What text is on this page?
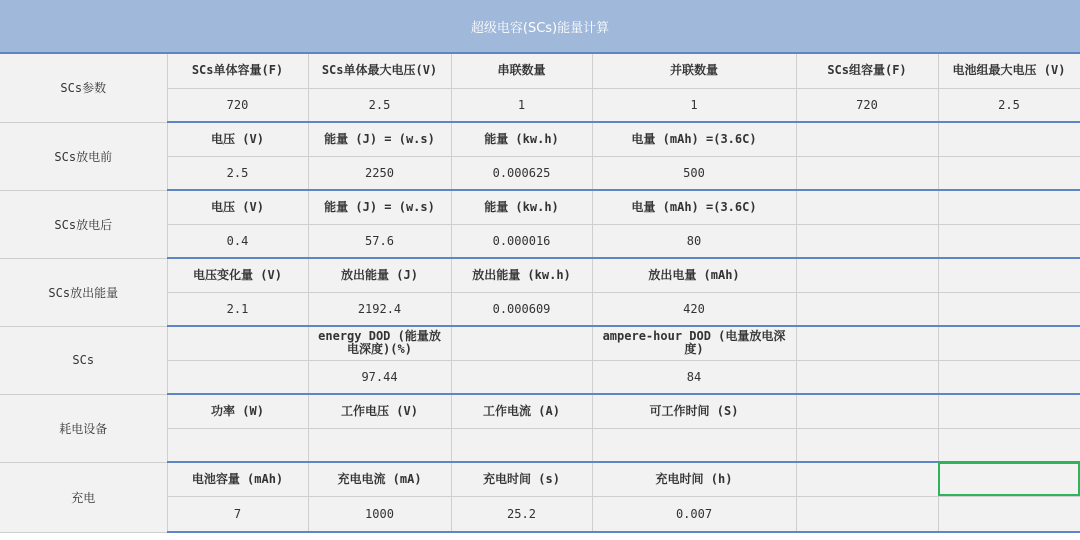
超级电容(SCs)能量计算
SCs参数	SCs单体容量(F)	SCs单体最大电压(V)	串联数量	并联数量	SCs组容量(F)	电池组最大电压 (V)
	720	2.5	1	1	720	2.5
SCs放电前	电压 (V)	能量 (J) = (w.s)	能量 (kw.h)	电量 (mAh) =(3.6C)		
	2.5	2250	0.000625	500		
SCs放电后	电压 (V)	能量 (J) = (w.s)	能量 (kw.h)	电量 (mAh) =(3.6C)		
	0.4	57.6	0.000016	80		
SCs放出能量	电压变化量 (V)	放出能量 (J)	放出能量 (kw.h)	放出电量 (mAh)		
	2.1	2192.4	0.000609	420		
SCs		energy DOD (能量放电深度)(%)		ampere-hour DOD (电量放电深度)		
		97.44		84		
耗电设备	功率 (W)	工作电压 (V)	工作电流 (A)	可工作时间 (S)		

充电	电池容量 (mAh)	充电电流 (mA)	充电时间 (s)	充电时间 (h)		
	7	1000	25.2	0.007		
